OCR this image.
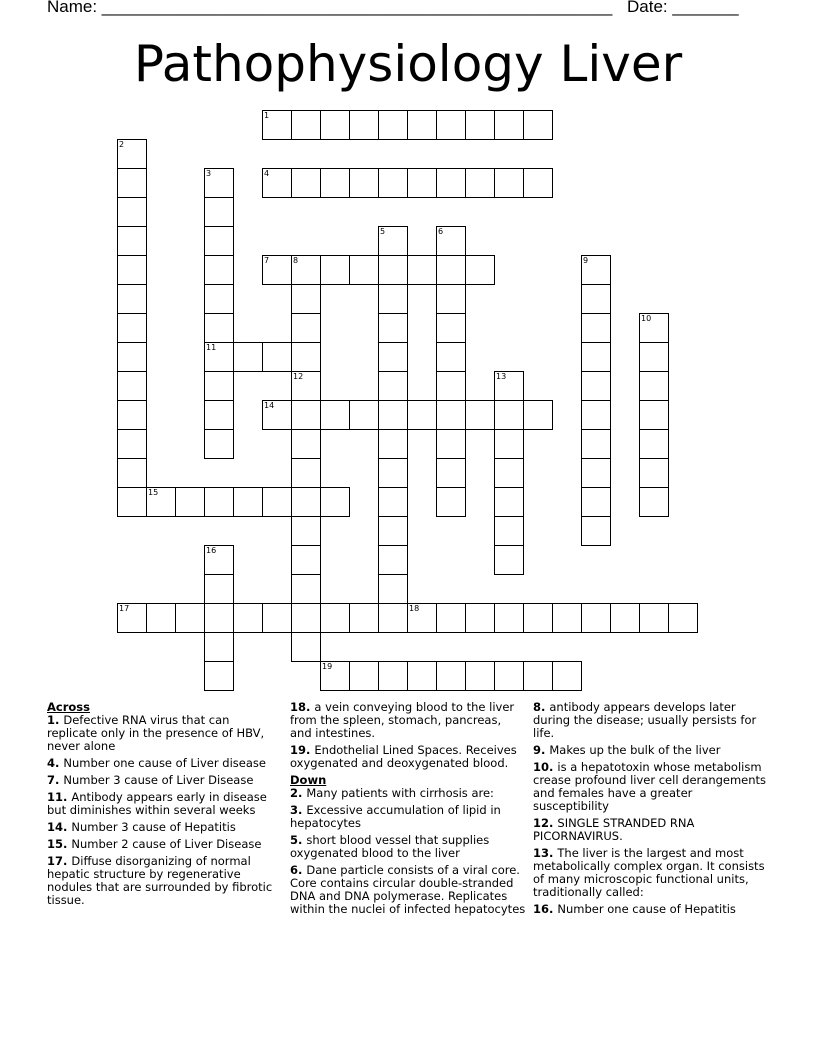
Name: ______________________________________________________ Date: _______
Pathophysiology Liver
1
2
3
11
4
5	6
7	8	9
10
12	13
14
15
16
17	18
19
Across
1. Defective RNA virus that can replicate only in the presence of HBV, never alone
4. Number one cause of Liver disease
7. Number 3 cause of Liver Disease
11. Antibody appears early in disease but diminishes within several weeks
14. Number 3 cause of Hepatitis
15. Number 2 cause of Liver Disease
17. Diffuse disorganizing of normal hepatic structure by regenerative nodules that are surrounded by fibrotic tissue.
18. a vein conveying blood to the liver from the spleen, stomach, pancreas, and intestines.
19. Endothelial Lined Spaces. Receives oxygenated and deoxygenated blood.
Down
2. Many patients with cirrhosis are:
3. Excessive accumulation of lipid in hepatocytes
5. short blood vessel that supplies oxygenated blood to the liver
6. Dane particle consists of a viral core. Core contains circular double-stranded DNA and DNA polymerase. Replicates within the nuclei of infected hepatocytes
8. antibody appears develops later during the disease; usually persists for life.
9. Makes up the bulk of the liver
10. is a hepatotoxin whose metabolism crease profound liver cell derangements and females have a greater susceptibility
12. SINGLE STRANDED RNA PICORNAVIRUS.
13. The liver is the largest and most metabolically complex organ. It consists of many microscopic functional units, traditionally called:
16. Number one cause of Hepatitis
